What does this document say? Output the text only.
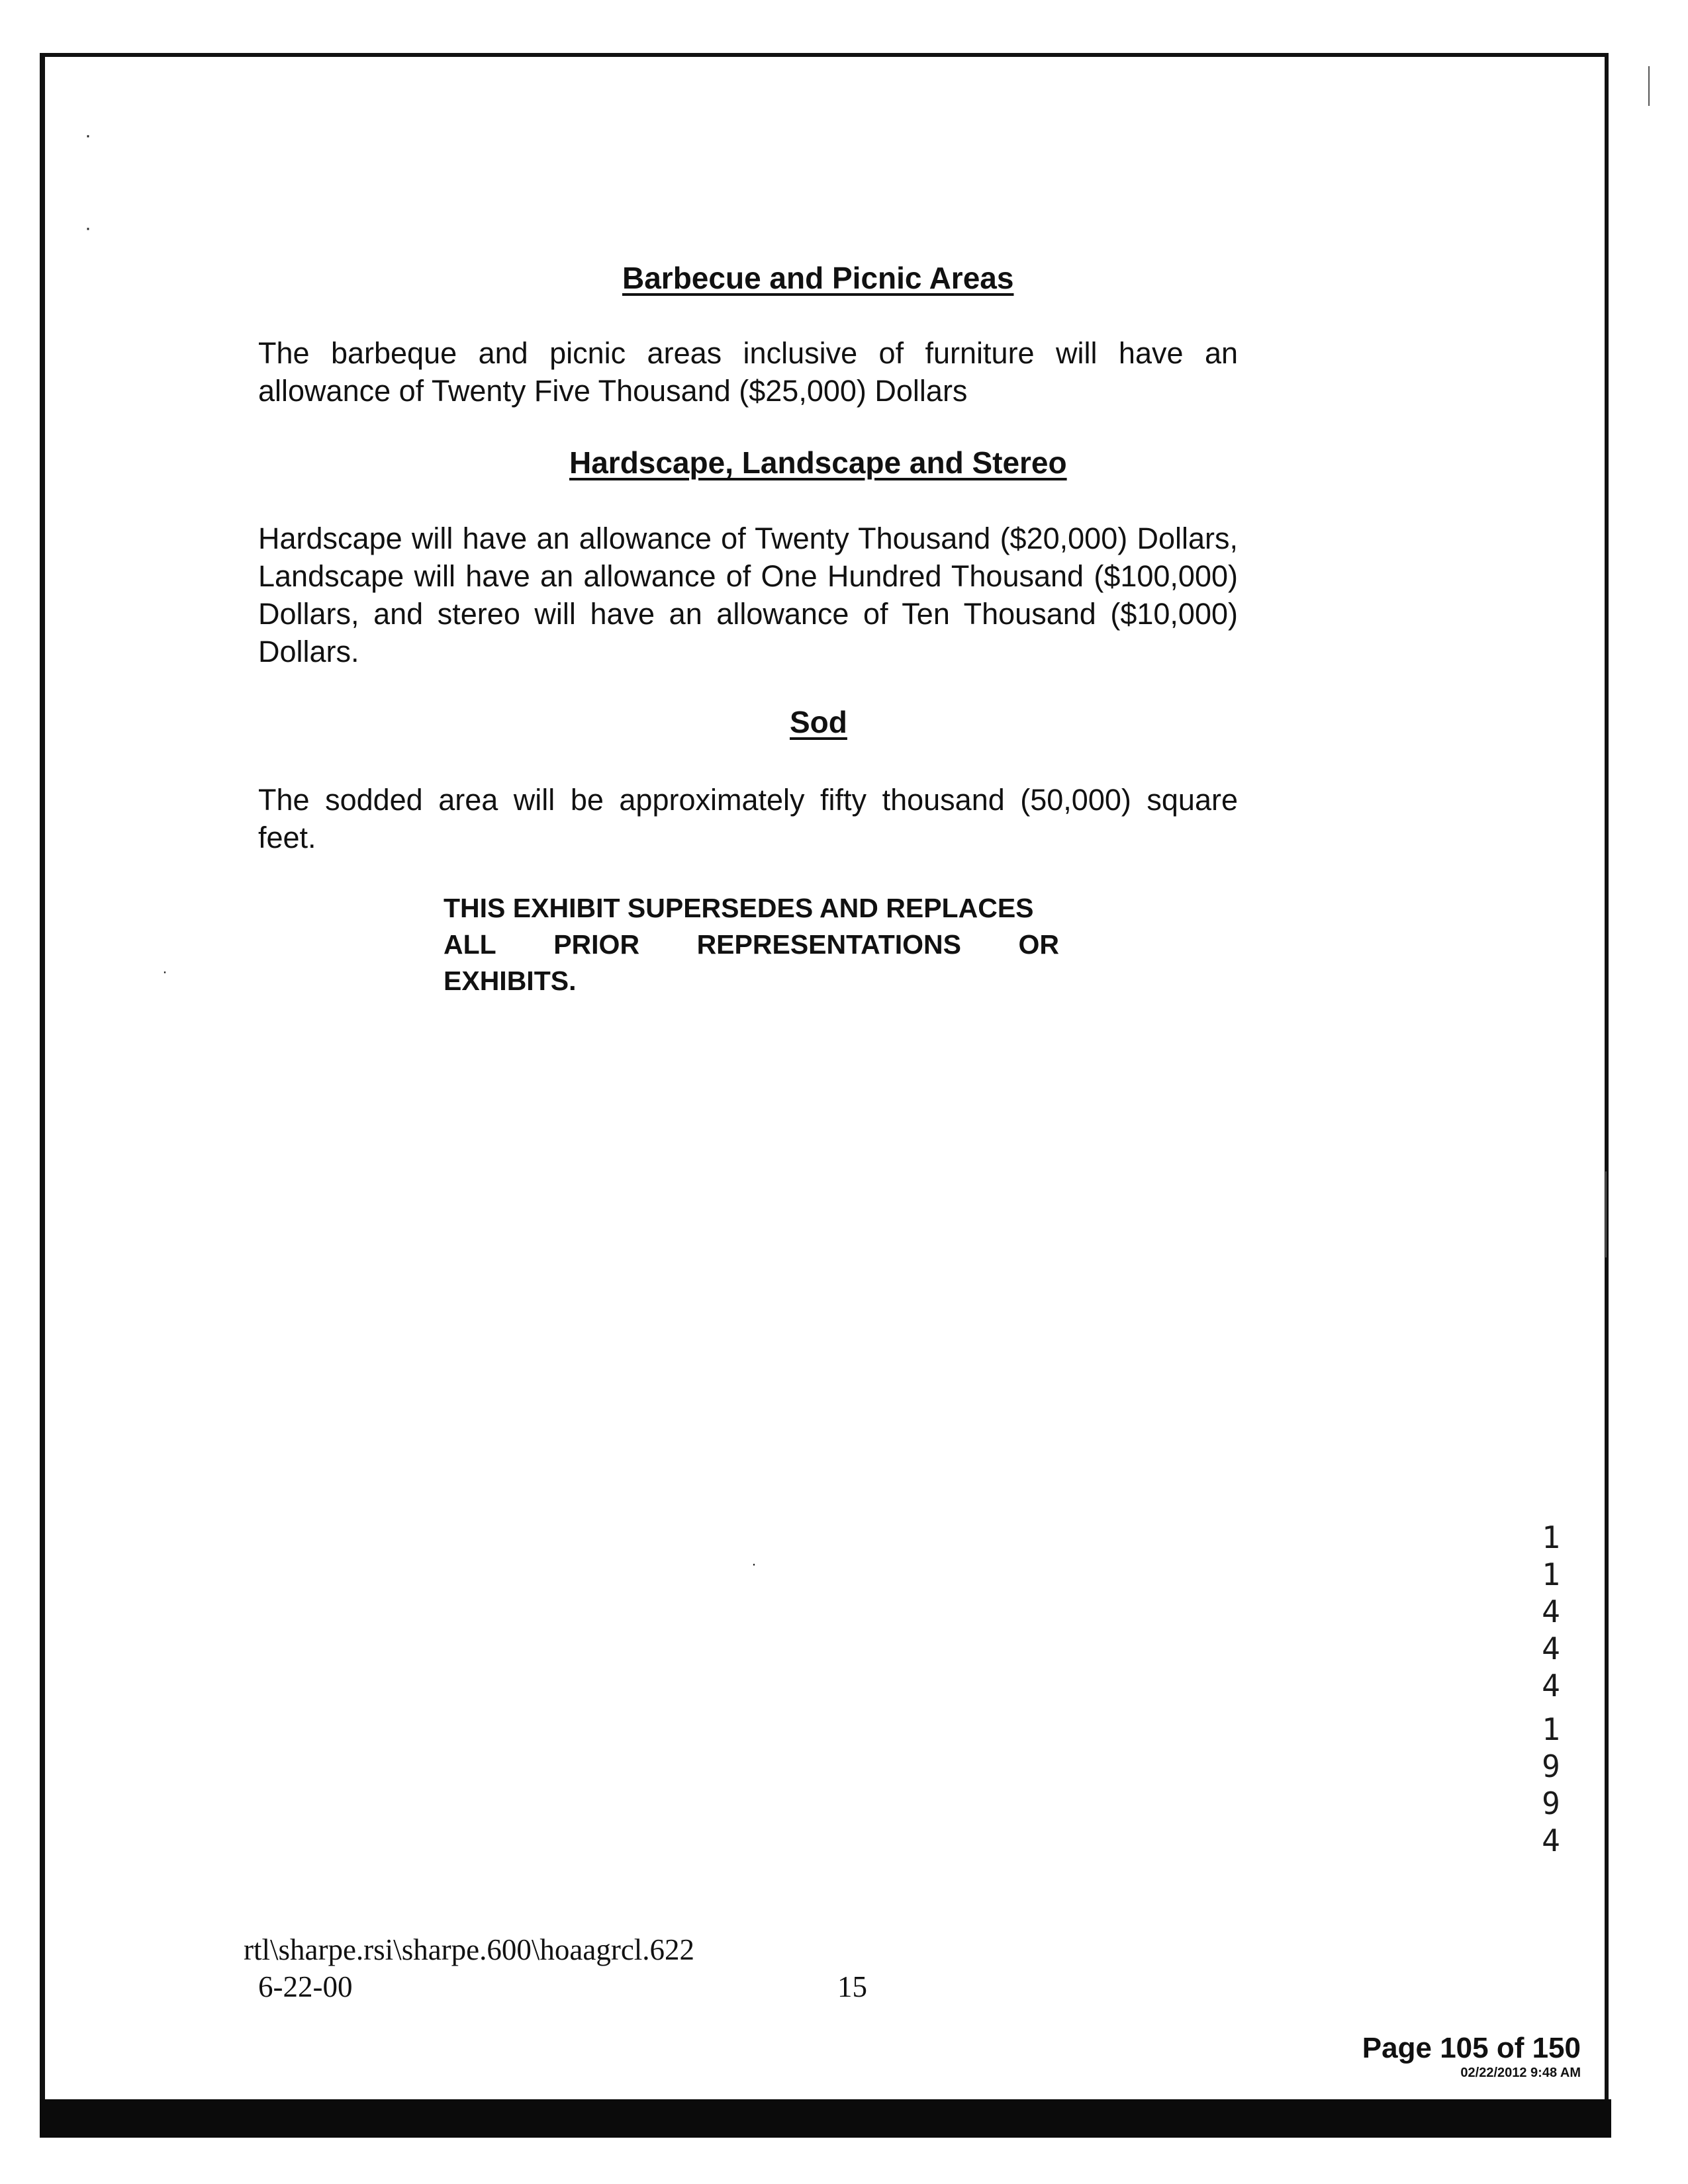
·
·
Barbecue and Picnic Areas
The barbeque and picnic areas inclusive of furniture will have an allowance of Twenty Five Thousand ($25,000) Dollars
Hardscape, Landscape and Stereo
Hardscape will have an allowance of Twenty Thousand ($20,000) Dollars, Landscape will have an allowance of One Hundred Thousand ($100,000) Dollars, and stereo will have an allowance of Ten Thousand ($10,000) Dollars.
Sod
The sodded area will be approximately fifty thousand (50,000) square feet.
THIS EXHIBIT SUPERSEDES AND REPLACES
ALL PRIOR REPRESENTATIONS OR
EXHIBITS.
·
·
1
1
4
4
4
1
9
9
4
rtl\sharpe.rsi\sharpe.600\hoaagrcl.622
6-22-00	15
Page 105 of 150
02/22/2012 9:48 AM
